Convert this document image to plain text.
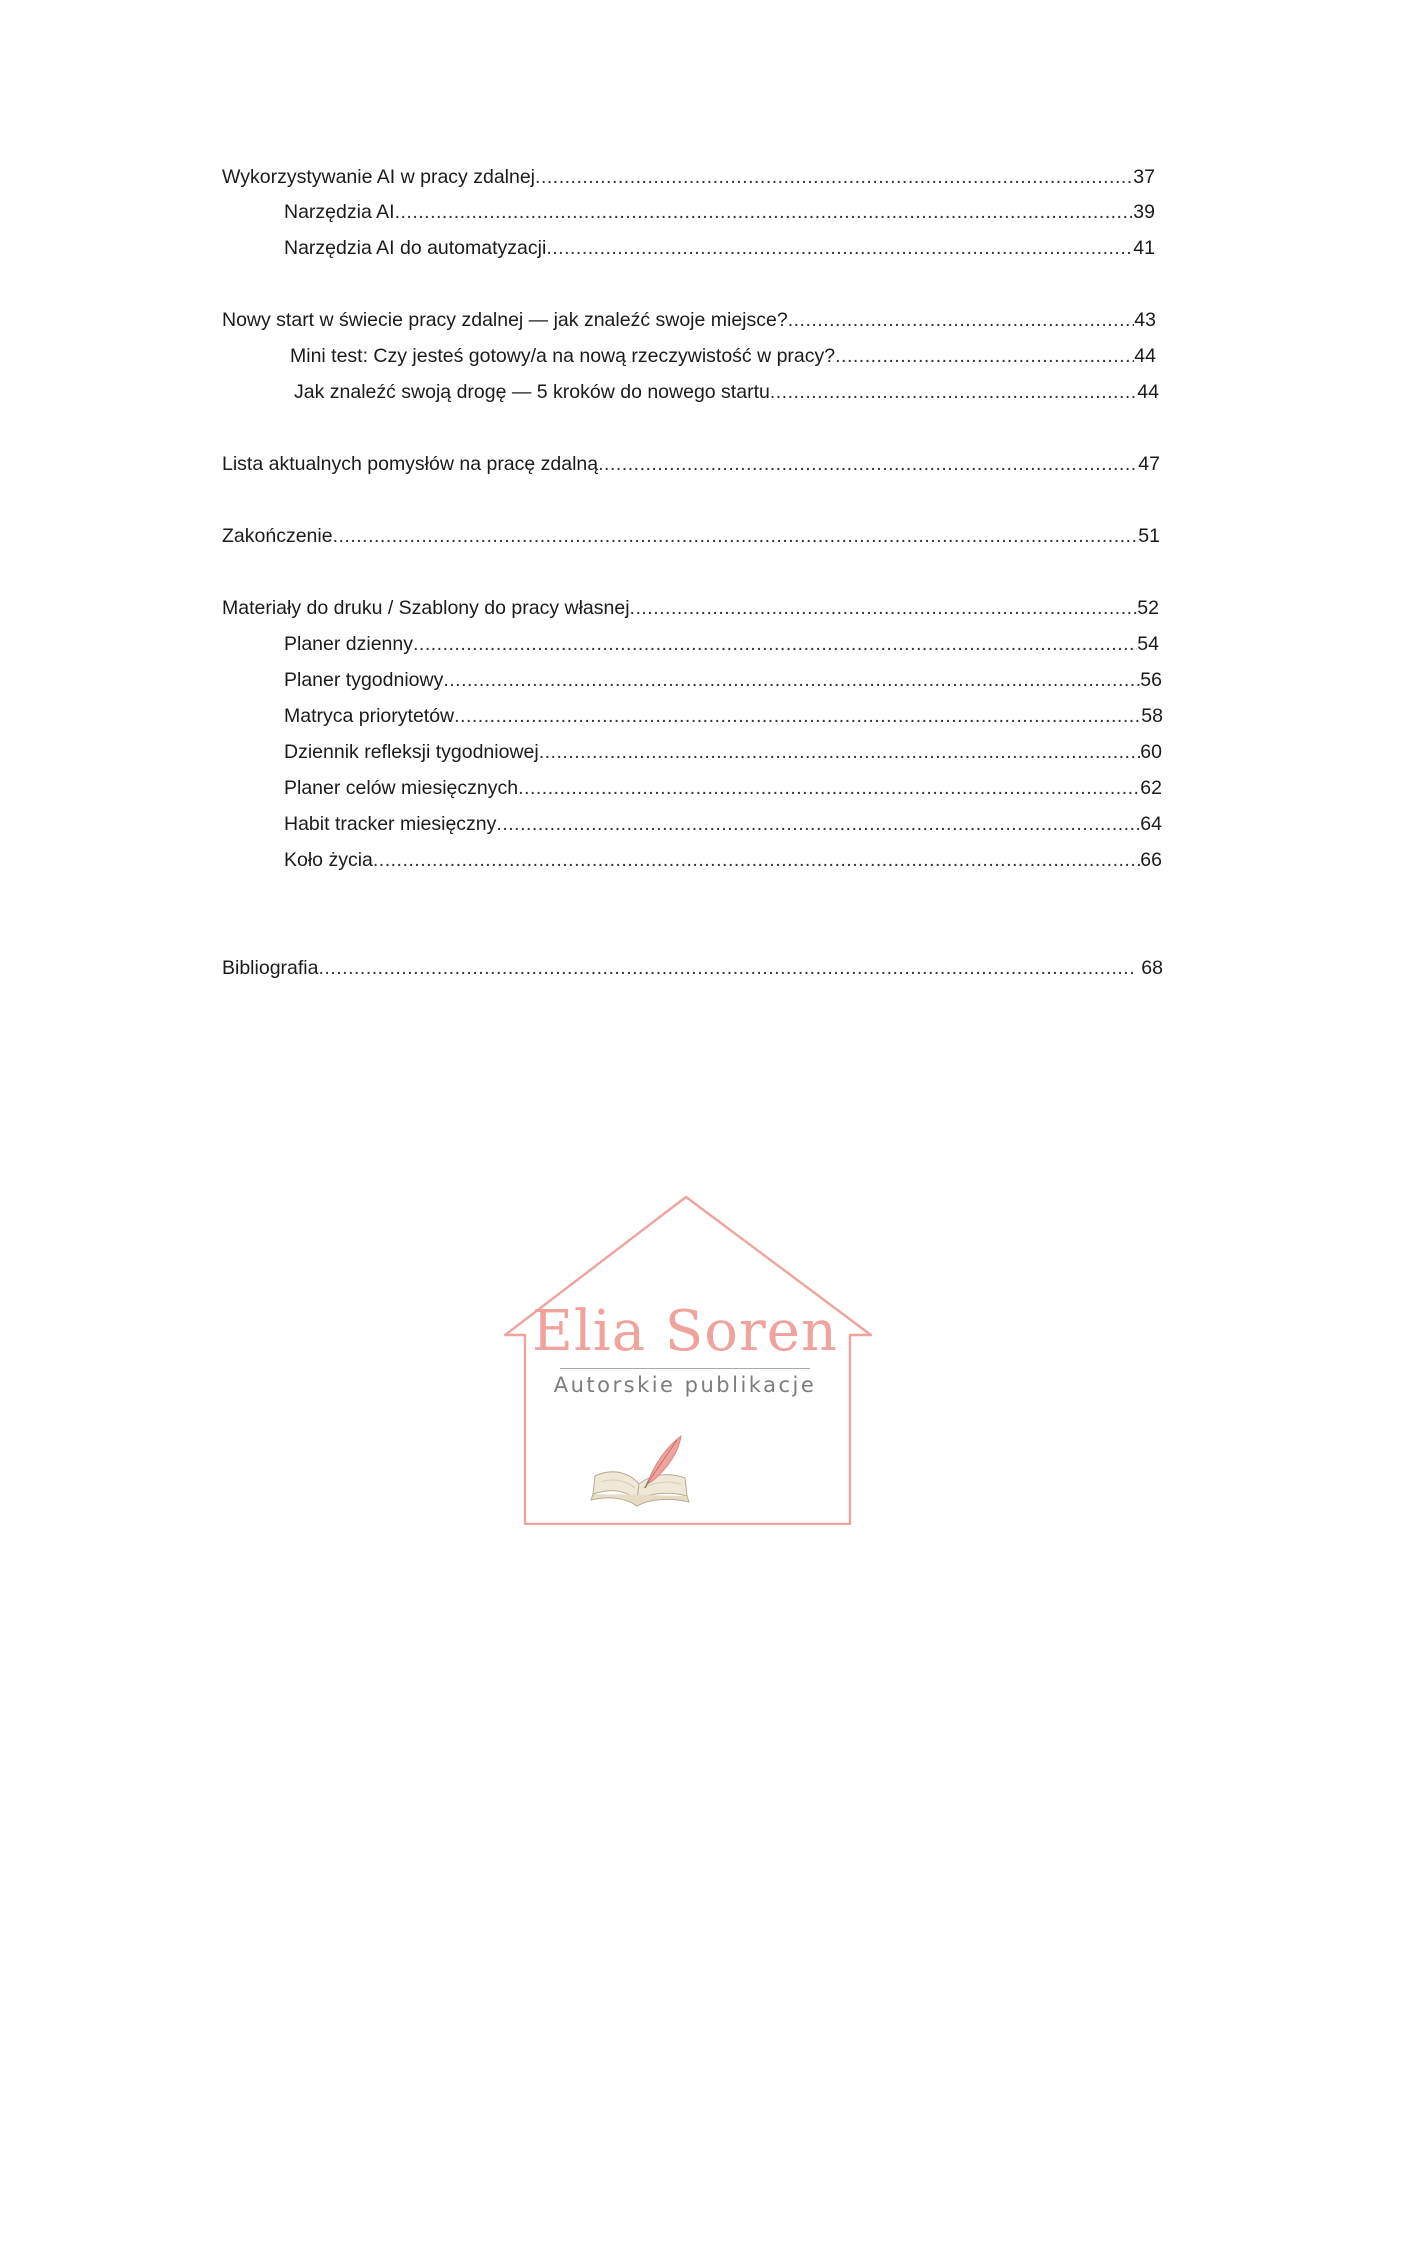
Wykorzystywanie AI w pracy zdalnej .....	37
Narzędzia AI .....	39
Narzędzia AI do automatyzacji .....	41
Nowy start w świecie pracy zdalnej — jak znaleźć swoje miejsce? .....	43
Mini test: Czy jesteś gotowy/a na nową rzeczywistość w pracy? .....	44
Jak znaleźć swoją drogę — 5 kroków do nowego startu .....	44
Lista aktualnych pomysłów na pracę zdalną .....	47
Zakończenie .....	51
Materiały do druku / Szablony do pracy własnej .....	52
Planer dzienny .....	54
Planer tygodniowy .....	56
Matryca priorytetów .....	58
Dziennik refleksji tygodniowej .....	60
Planer celów miesięcznych .....	62
Habit tracker miesięczny .....	64
Koło życia .....	66
Bibliografia .....	68
Elia Soren
Autorskie publikacje
